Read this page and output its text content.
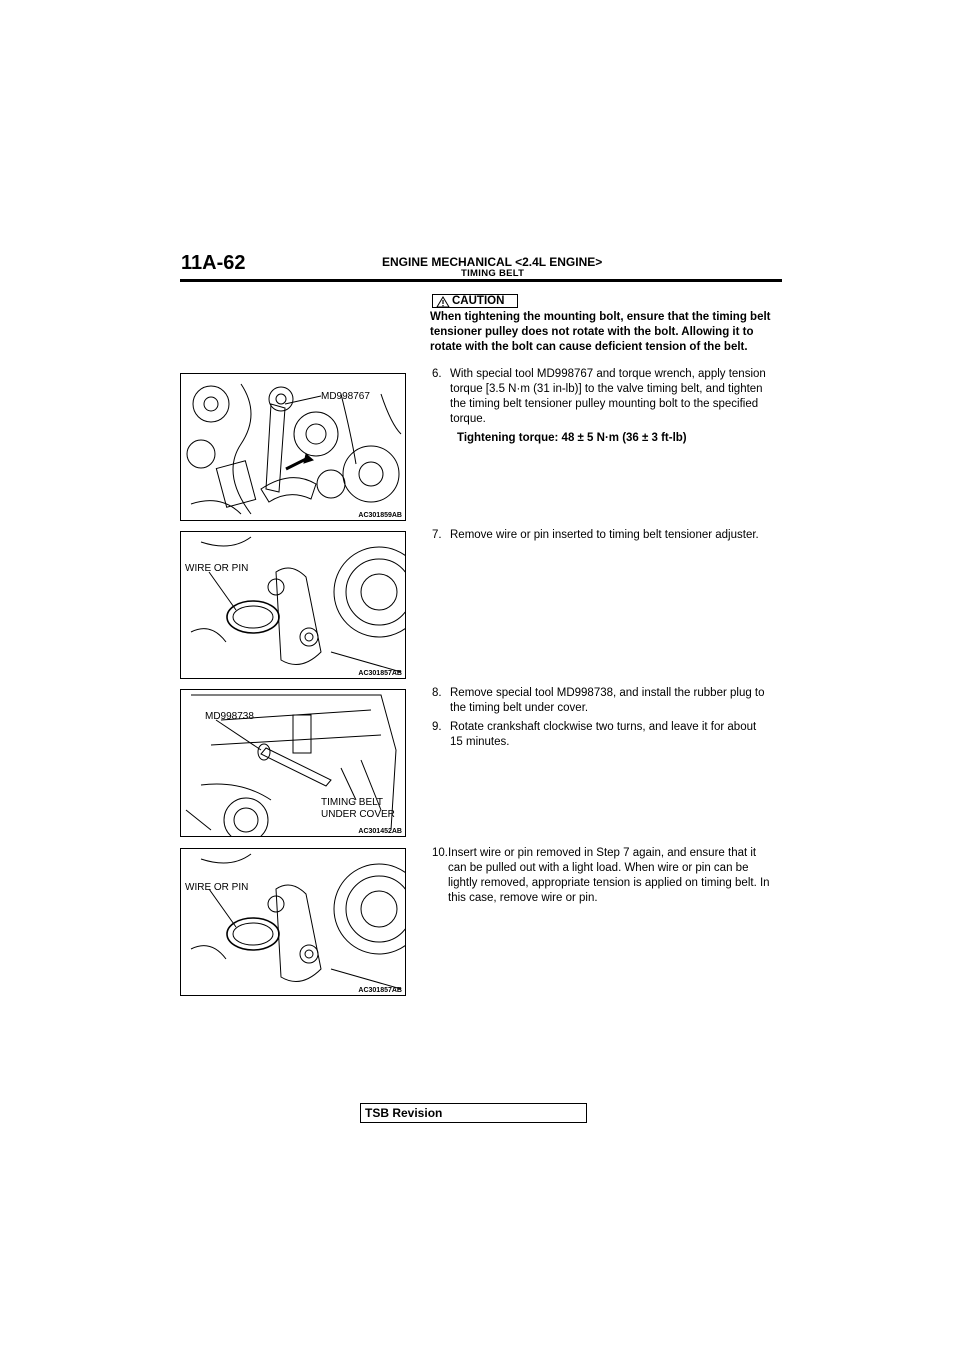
11A-62	ENGINE MECHANICAL <2.4L ENGINE>
TIMING BELT
CAUTION
When tightening the mounting bolt, ensure that the timing belt tensioner pulley does not rotate with the bolt. Allowing it to rotate with the bolt can cause deficient tension of the belt.
6. With special tool MD998767 and torque wrench, apply tension torque [3.5 N·m (31 in-lb)] to the valve timing belt, and tighten the timing belt tensioner pulley mounting bolt to the specified torque.
Tightening torque: 48 ± 5 N·m (36 ± 3 ft-lb)
7. Remove wire or pin inserted to timing belt tensioner adjuster.
8. Remove special tool MD998738, and install the rubber plug to the timing belt under cover.
9. Rotate crankshaft clockwise two turns, and leave it for about 15 minutes.
10. Insert wire or pin removed in Step 7 again, and ensure that it can be pulled out with a light load. When wire or pin can be lightly removed, appropriate tension is applied on timing belt. In this case, remove wire or pin.
MD998767
AC301859AB
WIRE OR PIN
AC301857AB
MD998738
TIMING BELT
UNDER COVER
AC301452AB
WIRE OR PIN
AC301857AB
TSB Revision
